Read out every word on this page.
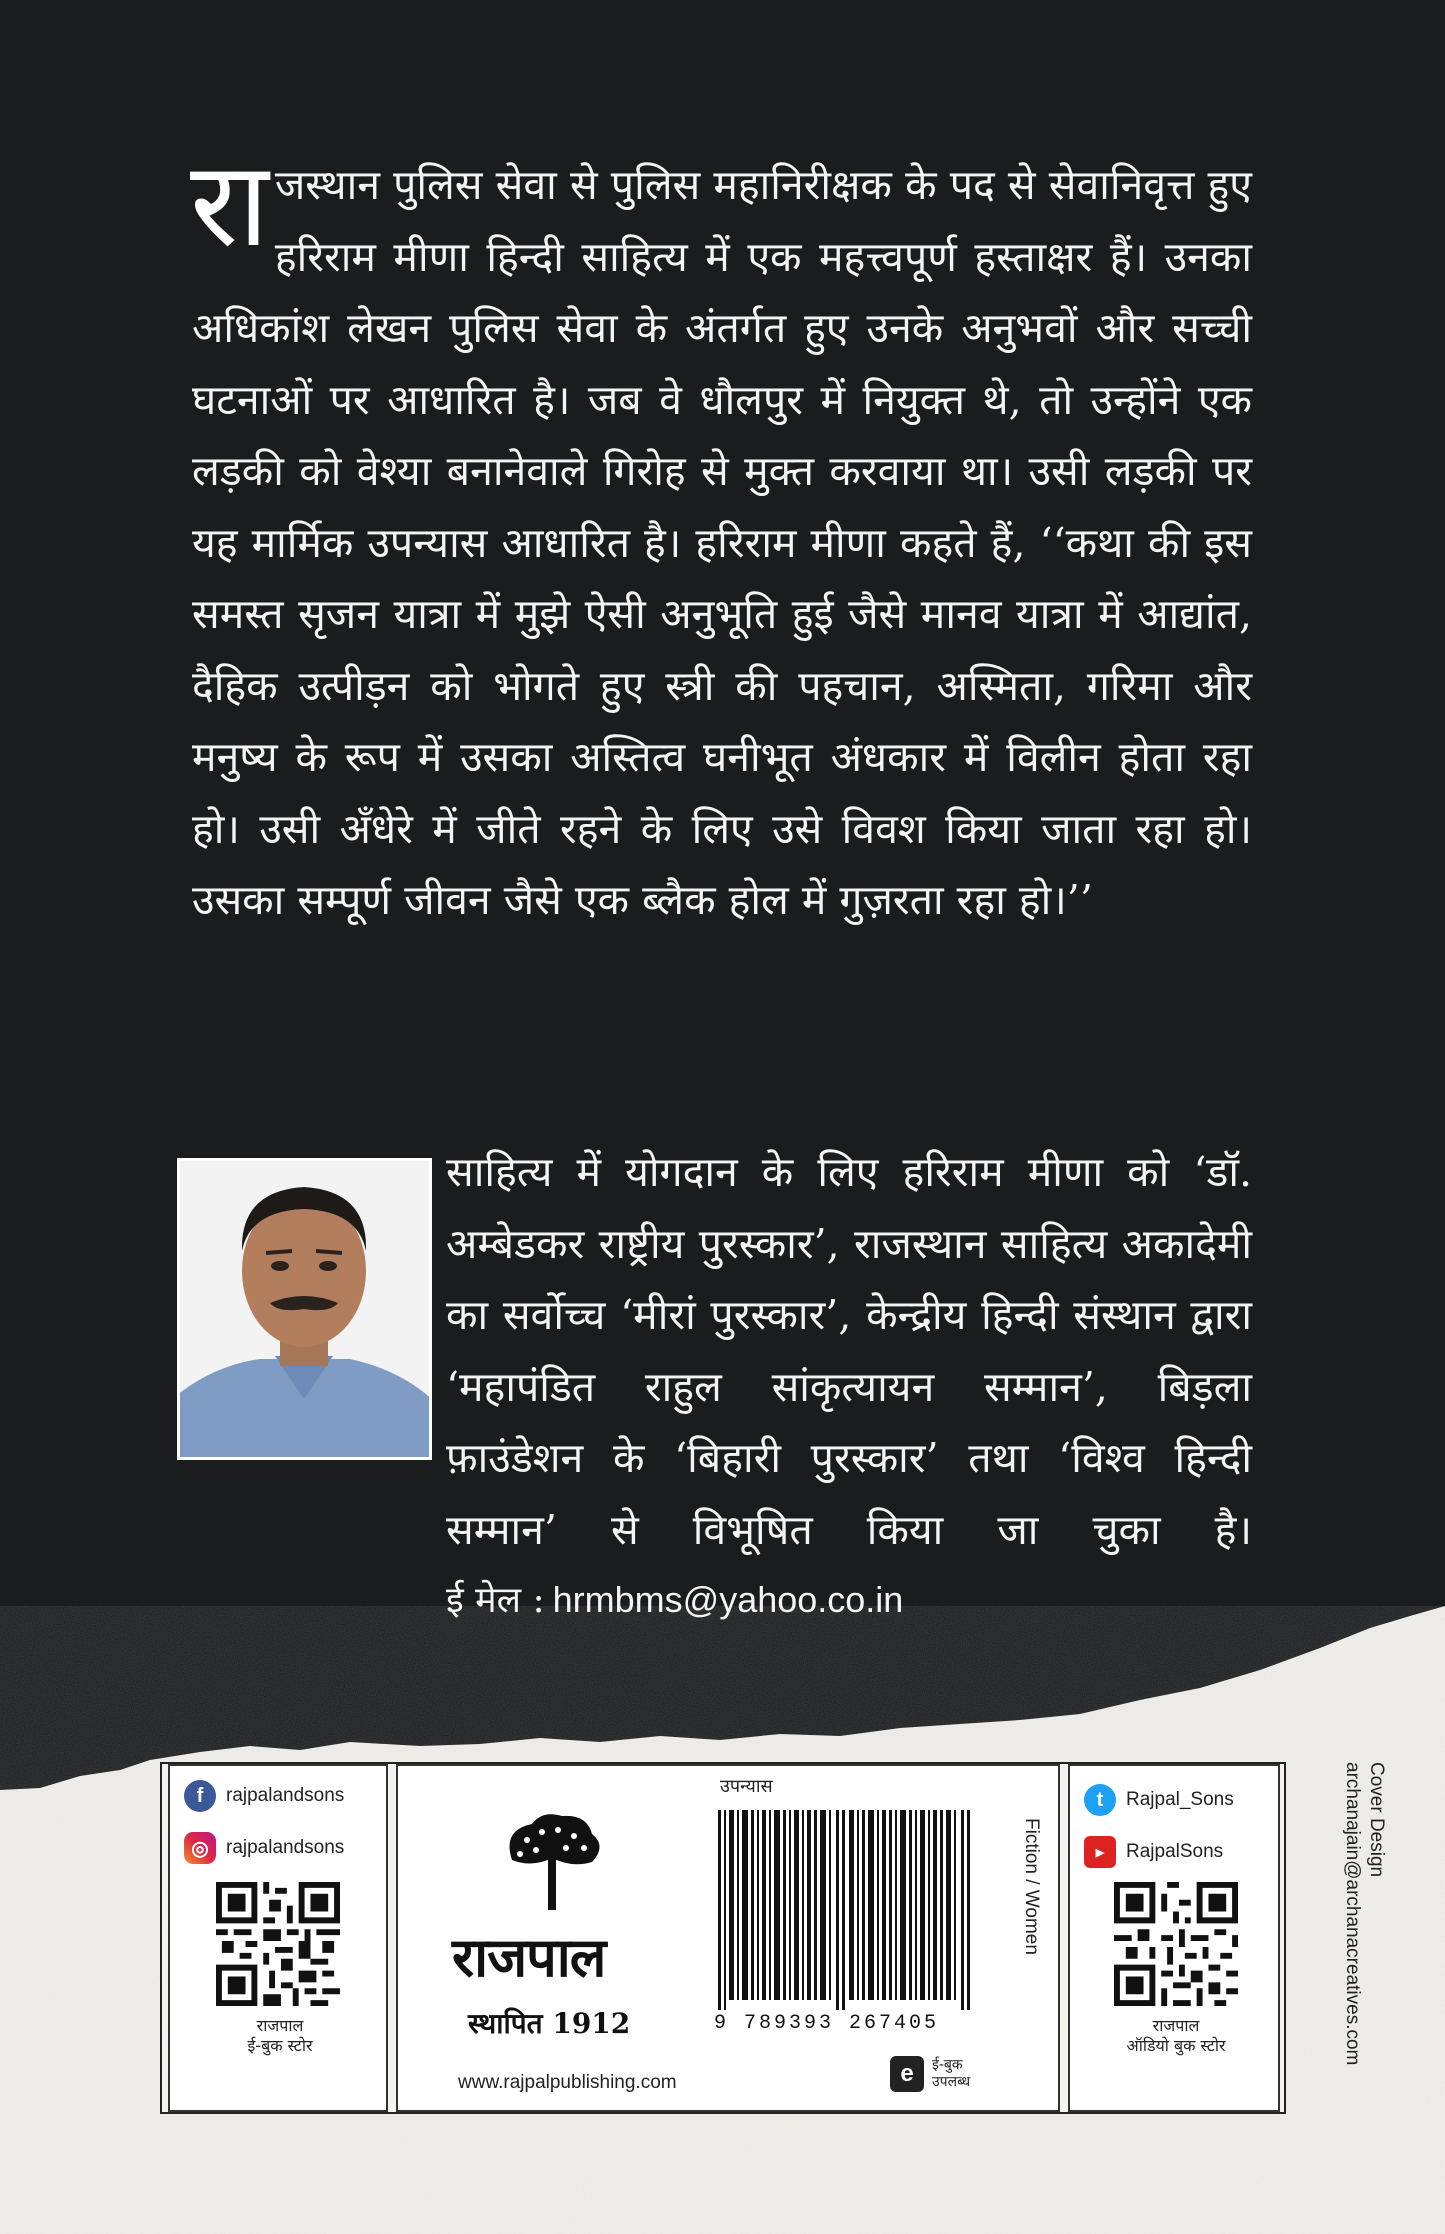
राजस्थान पुलिस सेवा से पुलिस महानिरीक्षक के पद से सेवानिवृत्त हुए हरिराम मीणा हिन्दी साहित्य में एक महत्त्वपूर्ण हस्ताक्षर हैं। उनका अधिकांश लेखन पुलिस सेवा के अंतर्गत हुए उनके अनुभवों और सच्ची घटनाओं पर आधारित है। जब वे धौलपुर में नियुक्त थे, तो उन्होंने एक लड़की को वेश्या बनानेवाले गिरोह से मुक्त करवाया था। उसी लड़की पर यह मार्मिक उपन्यास आधारित है। हरिराम मीणा कहते हैं, ‘‘कथा की इस समस्त सृजन यात्रा में मुझे ऐसी अनुभूति हुई जैसे मानव यात्रा में आद्यांत, दैहिक उत्पीड़न को भोगते हुए स्त्री की पहचान, अस्मिता, गरिमा और मनुष्य के रूप में उसका अस्तित्व घनीभूत अंधकार में विलीन होता रहा हो। उसी अँधेरे में जीते रहने के लिए उसे विवश किया जाता रहा हो। उसका सम्पूर्ण जीवन जैसे एक ब्लैक होल में गुज़रता रहा हो।’’
साहित्य में योगदान के लिए हरिराम मीणा को ‘डॉ. अम्बेडकर राष्ट्रीय पुरस्कार’, राजस्थान साहित्य अकादेमी का सर्वोच्च ‘मीरां पुरस्कार’, केन्द्रीय हिन्दी संस्थान द्वारा ‘महापंडित राहुल सांकृत्यायन सम्मान’, बिड़ला फ़ाउंडेशन के ‘बिहारी पुरस्कार’ तथा ‘विश्व हिन्दी सम्मान’ से विभूषित किया जा चुका है।
ई मेल : hrmbms@yahoo.co.in
f	rajpalandsons
◎ rajpalandsons
राजपाल
ई-बुक स्टोर
राजपाल
स्थापित 1912
www.rajpalpublishing.com
उपन्यास
9 789393 267405
e	ई-बुक
उपलब्ध
Fiction / Women
t	Rajpal_Sons
▶	RajpalSons
राजपाल
ऑडियो बुक स्टोर
Cover Design
archanajain@archanacreatives.com
